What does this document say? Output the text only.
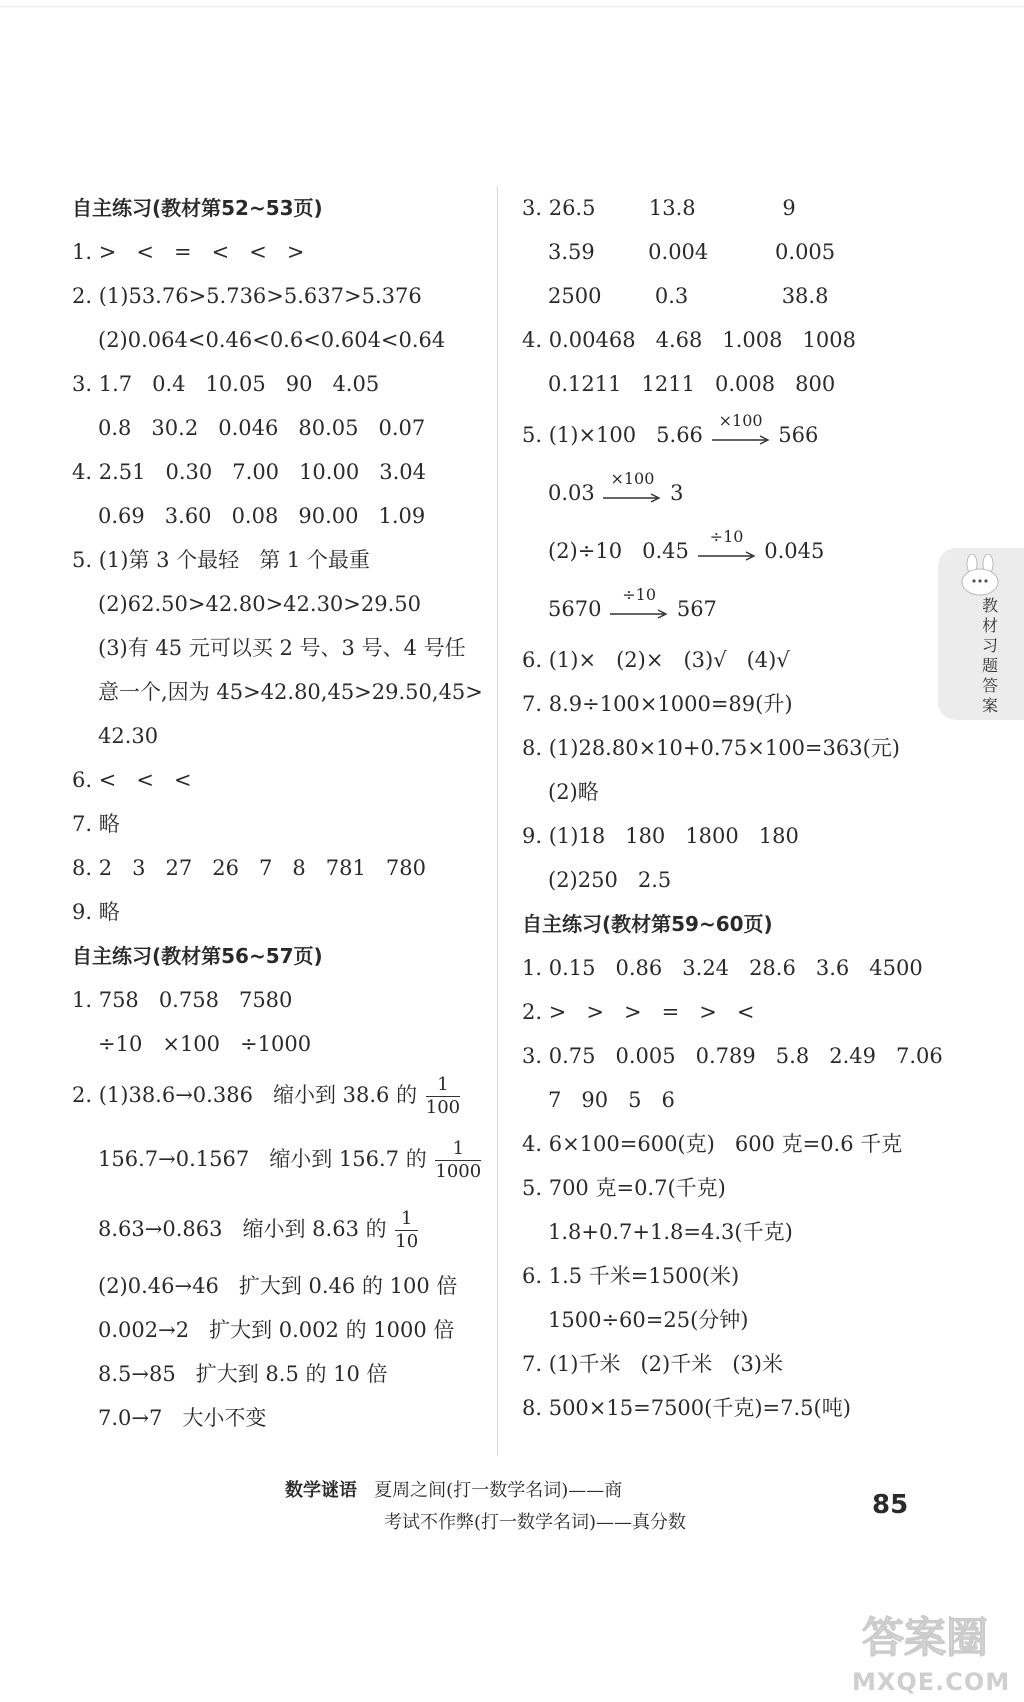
自主练习(教材第52~53页)
1. >   <   =   <   <   >
2. (1)53.76>5.736>5.637>5.376
(2)0.064<0.46<0.6<0.604<0.64
3. 1.7   0.4   10.05   90   4.05
0.8   30.2   0.046   80.05   0.07
4. 2.51   0.30   7.00   10.00   3.04
0.69   3.60   0.08   90.00   1.09
5. (1)第 3 个最轻   第 1 个最重
(2)62.50>42.80>42.30>29.50
(3)有 45 元可以买 2 号、3 号、4 号任
意一个,因为 45>42.80,45>29.50,45>
42.30
6. <   <   <
7. 略
8. 2   3   27   26   7   8   781   780
9. 略
自主练习(教材第56~57页)
1. 758   0.758   7580
÷10   ×100   ÷1000
2. (1)38.6→0.386   缩小到 38.6 的 $\frac{1}{100}$
156.7→0.1567   缩小到 156.7 的 $\frac{1}{1000}$
8.63→0.863   缩小到 8.63 的 $\frac{1}{10}$
(2)0.46→46   扩大到 0.46 的 100 倍
0.002→2   扩大到 0.002 的 1000 倍
8.5→85   扩大到 8.5 的 10 倍
7.0→7   大小不变
3. 26.5        13.8             9
3.59        0.004          0.005
2500        0.3              38.8
4. 0.00468   4.68   1.008   1008
0.1211   1211   0.008   800
5. (1)×100   5.66
×100
566
0.03
×100
3
(2)÷10   0.45
÷10
0.045
5670
÷10
567
6. (1)×   (2)×   (3)√   (4)√
7. 8.9÷100×1000=89(升)
8. (1)28.80×10+0.75×100=363(元)
(2)略
9. (1)18   180   1800   180
(2)250   2.5
自主练习(教材第59~60页)
1. 0.15   0.86   3.24   28.6   3.6   4500
2. >   >   >   =   >   <
3. 0.75   0.005   0.789   5.8   2.49   7.06
7   90   5   6
4. 6×100=600(克)   600 克=0.6 千克
5. 700 克=0.7(千克)
1.8+0.7+1.8=4.3(千克)
6. 1.5 千米=1500(米)
1500÷60=25(分钟)
7. (1)千米   (2)千米   (3)米
8. 500×15=7500(千克)=7.5(吨)
教材习题答案
数学谜语 夏周之间(打一数学名词)——商
考试不作弊(打一数学名词)——真分数
85
答案圈
MXQE.COM
